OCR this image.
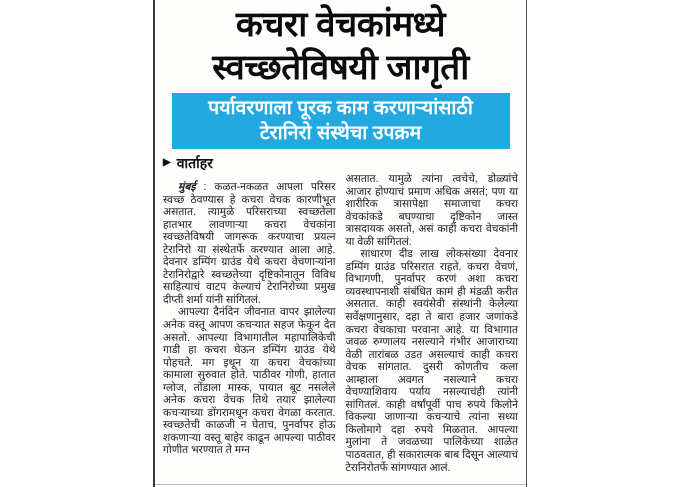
कचरा वेचकांमध्ये
स्वच्छतेविषयी जागृती
पर्यावरणाला पूरक काम करणाऱ्यांसाठी
टेरानिरो संस्थेचा उपक्रम
▶ वार्ताहर

मुंबई : कळत-नकळत आपला परिसर स्वच्छ ठेवण्यास हे कचरा वेचक कारणीभूत असतात. त्यामुळे परिसराच्या स्वच्छतेला हातभार लावणाऱ्या कचरा वेचकांना स्वच्छतेविषयी जागरूक करण्याचा प्रयत्न टेरानिरो या संस्थेतर्फे करण्यात आला आहे. देवनार डम्पिंग ग्राउंड येथे कचरा वेचणाऱ्यांना टेरानिरोद्वारे स्वच्छतेच्या दृष्टिकोनातून विविध साहित्याचं वाटप केल्याचं टेरानिरोच्या प्रमुख दीप्ती शर्मा यांनी सांगितलं.

आपल्या दैनंदिन जीवनात वापर झालेल्या अनेक वस्तू आपण कचऱ्यात सहज फेकून देत असतो. आपल्या विभागातील महापालिकेची गाडी हा कचरा घेऊन डम्पिंग ग्राउंड येथे पोहचते. मग इथून या कचरा वेचकांच्या कामाला सुरुवात होते. पाठीवर गोणी, हातात ग्लोज, तोंडाला मास्क, पायात बूट नसलेले अनेक कचरा वेचक तिथे तयार झालेल्या कचऱ्याच्या डोंगरामधून कचरा वेगळा करतात. स्वच्छतेची काळजी न घेताच, पुनर्वापर होऊ शकणाऱ्या वस्तू बाहेर काढून आपल्या पाठीवर गोणीत भरण्यात ते मग्न

असतात. यामुळे त्यांना त्वचेचे, डोळ्यांचे आजार होण्याचं प्रमाण अधिक असतं; पण या शारीरिक त्रासापेक्षा समाजाचा कचरा वेचकांकडे बघण्याचा दृष्टिकोन जास्त त्रासदायक असतो, असं काही कचरा वेचकांनी या वेळी सांगितलं.

साधारण दीड लाख लोकसंख्या देवनार डम्पिंग ग्राउंड परिसरात राहते. कचरा वेचणं, विभागणी, पुनर्वापर करणं अशा कचरा व्यवस्थापनाशी संबंधित कामं ही मंडळी करीत असतात. काही स्वयंसेवी संस्थांनी केलेल्या सर्वेक्षणानुसार, दहा ते बारा हजार जणांकडे कचरा वेचकाचा परवाना आहे. या विभागात जवळ रुग्णालय नसल्याने गंभीर आजाराच्या वेळी तारांबळ उडत असल्याचं काही कचरा वेचक सांगतात. दुसरी कोणतीच कला आम्हाला अवगत नसल्याने कचरा वेचण्याशिवाय पर्याय नसल्याचंही त्यांनी सांगितलं. काही वर्षांपूर्वी पाच रुपये किलोने विकल्या जाणाऱ्या कचऱ्याचे त्यांना सध्या किलोमागे दहा रुपये मिळतात. आपल्या मुलांना ते जवळच्या पालिकेच्या शाळेत पाठवतात, ही सकारात्मक बाब दिसून आल्याचं टेरानिरोतर्फे सांगण्यात आलं.
